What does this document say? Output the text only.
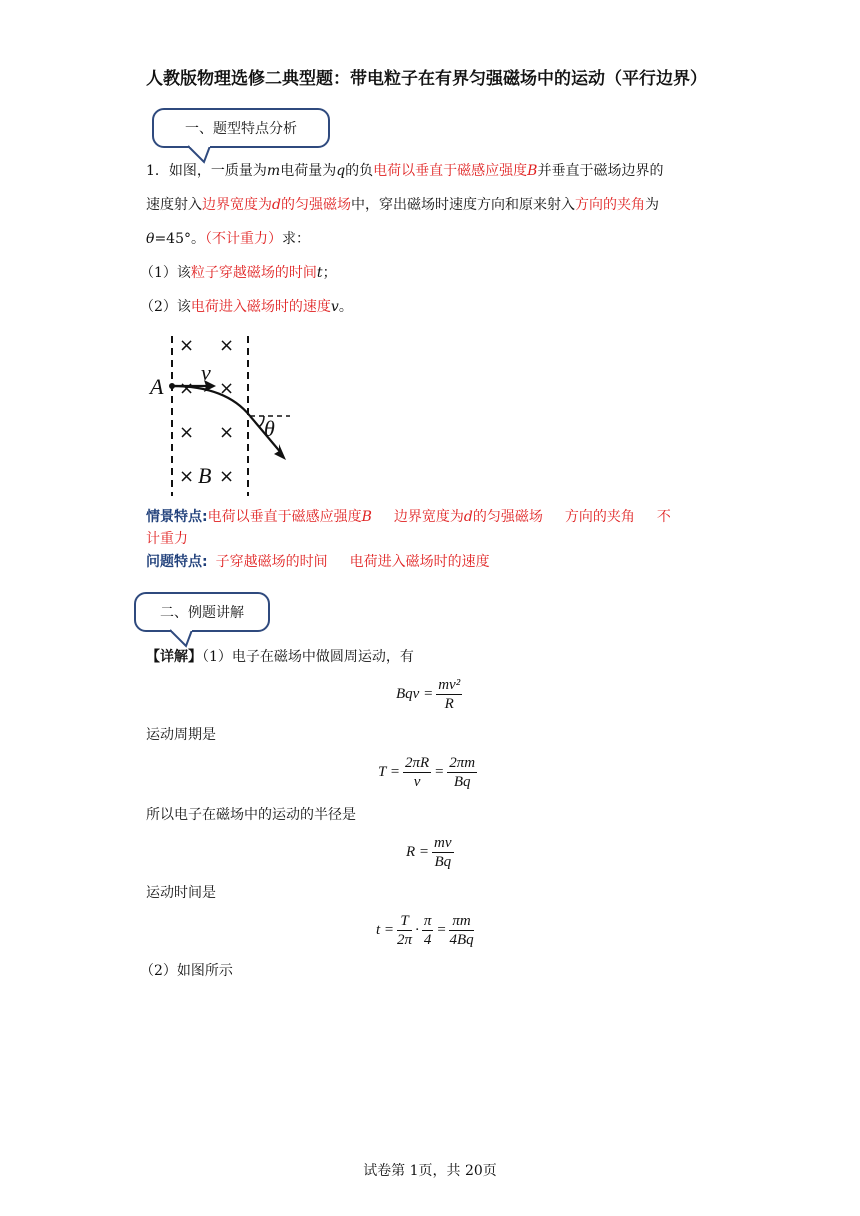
人教版物理选修二典型题：带电粒子在有界匀强磁场中的运动（平行边界）
一、题型特点分析
1．如图，一质量为m电荷量为q的负电荷以垂直于磁感应强度B并垂直于磁场边界的
速度射入边界宽度为d的匀强磁场中，穿出磁场时速度方向和原来射入方向的夹角为
θ=45°。（不计重力）求：
（1）该粒子穿越磁场的时间t；
（2）该电荷进入磁场时的速度v。
× ×
× ×
× ×
× ×
A
v
θ
B
情景特点:电荷以垂直于磁感应强度B 边界宽度为d的匀强磁场 方向的夹角 不
计重力
问题特点: 子穿越磁场的时间 电荷进入磁场时的速度
二、例题讲解
【详解】（1）电子在磁场中做圆周运动，有
Bqv = $\frac{\text{mv²}}{R}$
运动周期是
$T = \frac{2\pi R}{v} = \frac{2\pi m}{Bq}$
所以电子在磁场中的运动的半径是
$R = \frac{mv}{Bq}$
运动时间是
$t = \frac{T}{2\pi} \cdot \frac{\pi}{4} = \frac{\pi m}{4Bq}$
（2）如图所示
试卷第 1页，共 20页
